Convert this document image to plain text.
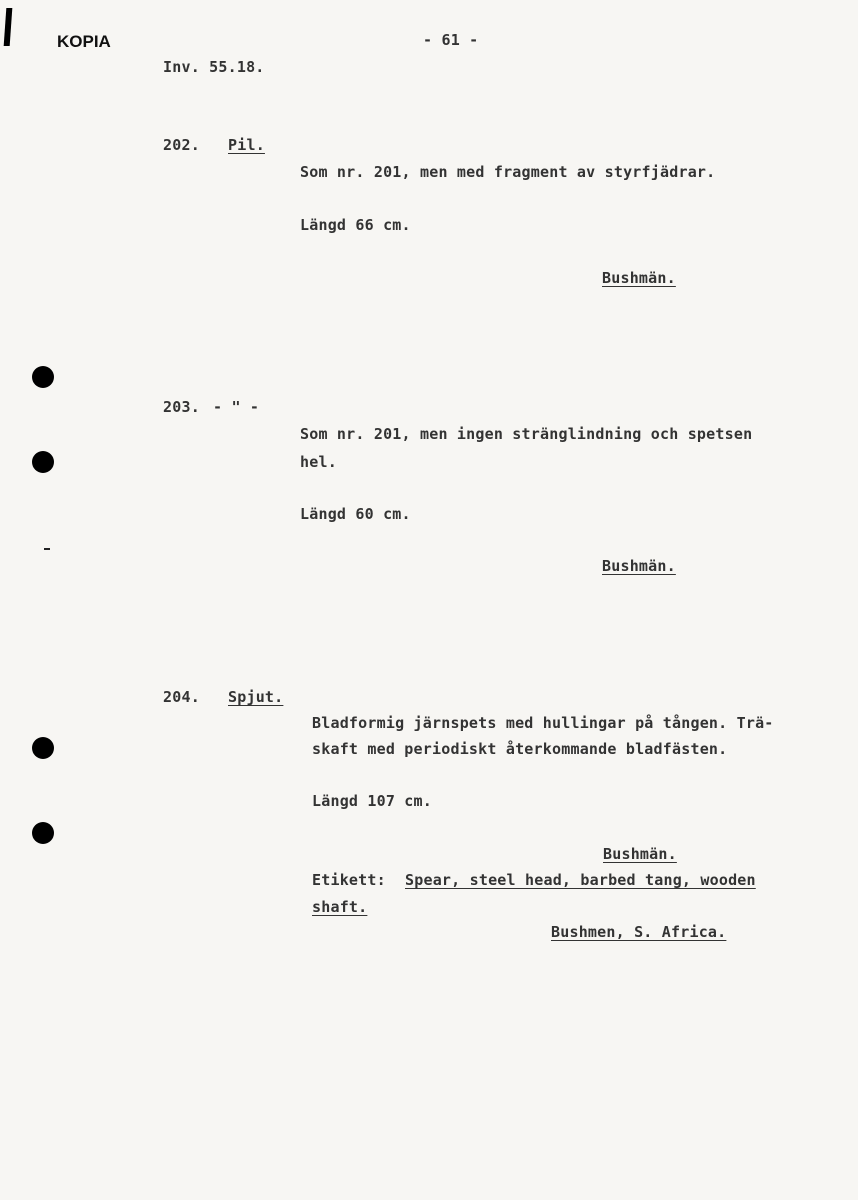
KOPIA	- 61 -
Inv. 55.18.
202. Pil.
Som nr. 201, men med fragment av styrfjädrar.
Längd 66 cm.
Bushmän.
203. - " -
Som nr. 201, men ingen stränglindning och spetsen
hel.
Längd 60 cm.
Bushmän.
204. Spjut.
Bladformig järnspets med hullingar på tången. Trä-
skaft med periodiskt återkommande bladfästen.
Längd 107 cm.
Bushmän.
Etikett: Spear, steel head, barbed tang, wooden
shaft.
Bushmen, S. Africa.
